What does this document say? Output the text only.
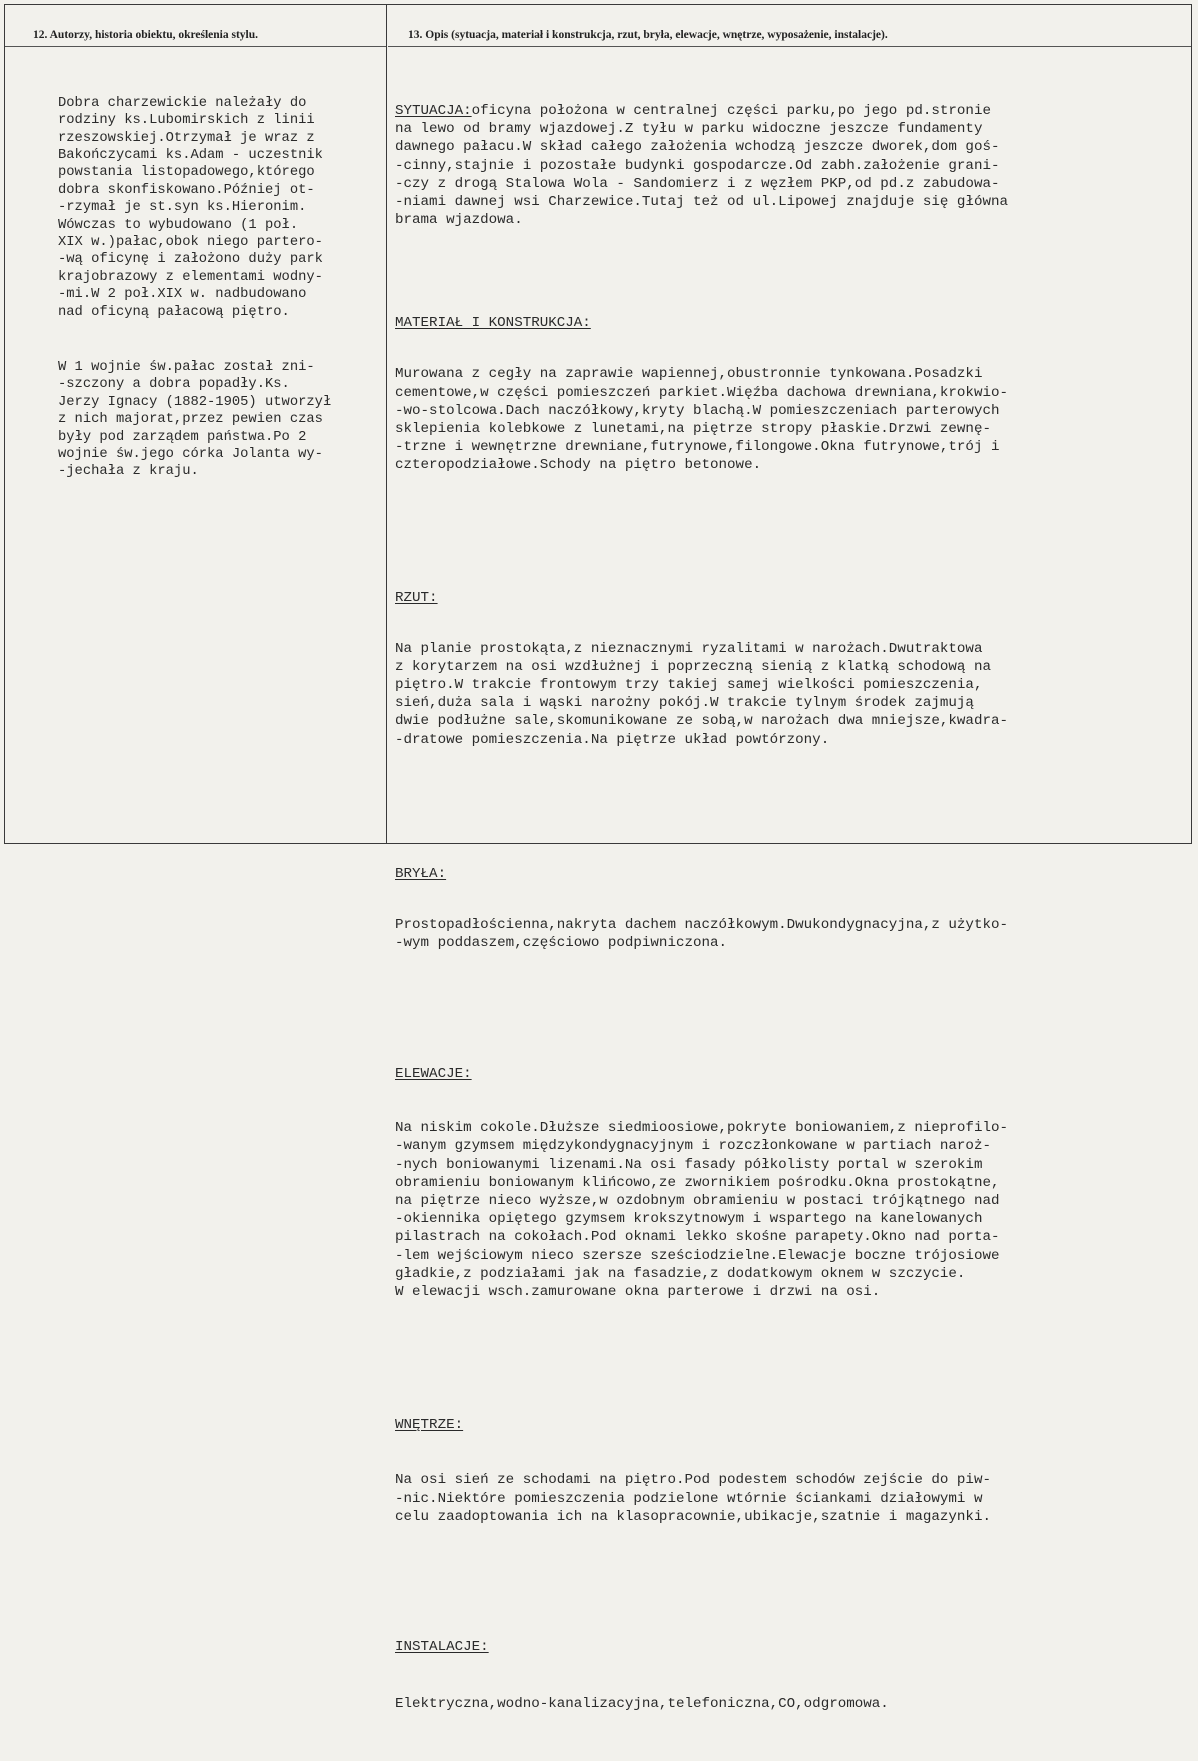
12. Autorzy, historia obiektu, określenia stylu.	13. Opis (sytuacja, materiał i konstrukcja, rzut, bryła, elewacje, wnętrze, wyposażenie, instalacje).

Dobra charzewickie należały do
rodziny ks.Lubomirskich z linii
rzeszowskiej.Otrzymał je wraz z
Bakończycami ks.Adam - uczestnik
powstania listopadowego,którego
dobra skonfiskowano.Później ot-
-rzymał je st.syn ks.Hieronim.
Wówczas to wybudowano (1 poł.
XIX w.)pałac,obok niego partero-
-wą oficynę i założono duży park
krajobrazowy z elementami wodny-
-mi.W 2 poł.XIX w. nadbudowano
nad oficyną pałacową piętro.

W 1 wojnie św.pałac został zni-
-szczony a dobra popadły.Ks.
Jerzy Ignacy (1882-1905) utworzył
z nich majorat,przez pewien czas
były pod zarządem państwa.Po 2
wojnie św.jego córka Jolanta wy-
-jechała z kraju.

SYTUACJA:oficyna położona w centralnej części parku,po jego pd.stronie
na lewo od bramy wjazdowej.Z tyłu w parku widoczne jeszcze fundamenty
dawnego pałacu.W skład całego założenia wchodzą jeszcze dworek,dom goś-
-cinny,stajnie i pozostałe budynki gospodarcze.Od zabh.założenie grani-
-czy z drogą Stalowa Wola - Sandomierz i z węzłem PKP,od pd.z zabudowa-
-niami dawnej wsi Charzewice.Tutaj też od ul.Lipowej znajduje się główna
brama wjazdowa.

MATERIAŁ I KONSTRUKCJA:

Murowana z cegły na zaprawie wapiennej,obustronnie tynkowana.Posadzki
cementowe,w części pomieszczeń parkiet.Więźba dachowa drewniana,krokwio-
-wo-stolcowa.Dach naczółkowy,kryty blachą.W pomieszczeniach parterowych
sklepienia kolebkowe z lunetami,na piętrze stropy płaskie.Drzwi zewnę-
-trzne i wewnętrzne drewniane,futrynowe,filongowe.Okna futrynowe,trój i
czteropodziałowe.Schody na piętro betonowe.

RZUT:

Na planie prostokąta,z nieznacznymi ryzalitami w narożach.Dwutraktowa
z korytarzem na osi wzdłużnej i poprzeczną sienią z klatką schodową na
piętro.W trakcie frontowym trzy takiej samej wielkości pomieszczenia,
sień,duża sala i wąski narożny pokój.W trakcie tylnym środek zajmują
dwie podłużne sale,skomunikowane ze sobą,w narożach dwa mniejsze,kwadra-
-dratowe pomieszczenia.Na piętrze układ powtórzony.

BRYŁA:

Prostopadłościenna,nakryta dachem naczółkowym.Dwukondygnacyjna,z użytko-
-wym poddaszem,częściowo podpiwniczona.

ELEWACJE:

Na niskim cokole.Dłuższe siedmioosiowe,pokryte boniowaniem,z nieprofilo-
-wanym gzymsem międzykondygnacyjnym i rozczłonkowane w partiach naroż-
-nych boniowanymi lizenami.Na osi fasady półkolisty portal w szerokim
obramieniu boniowanym klińcowo,ze zwornikiem pośrodku.Okna prostokątne,
na piętrze nieco wyższe,w ozdobnym obramieniu w postaci trójkątnego nad
-okiennika opiętego gzymsem krokszytnowym i wspartego na kanelowanych
pilastrach na cokołach.Pod oknami lekko skośne parapety.Okno nad porta-
-lem wejściowym nieco szersze sześciodzielne.Elewacje boczne trójosiowe
gładkie,z podziałami jak na fasadzie,z dodatkowym oknem w szczycie.
W elewacji wsch.zamurowane okna parterowe i drzwi na osi.

WNĘTRZE:

Na osi sień ze schodami na piętro.Pod podestem schodów zejście do piw-
-nic.Niektóre pomieszczenia podzielone wtórnie ściankami działowymi w
celu zaadoptowania ich na klasopracownie,ubikacje,szatnie i magazynki.

INSTALACJE:

Elektryczna,wodno-kanalizacyjna,telefoniczna,CO,odgromowa.
